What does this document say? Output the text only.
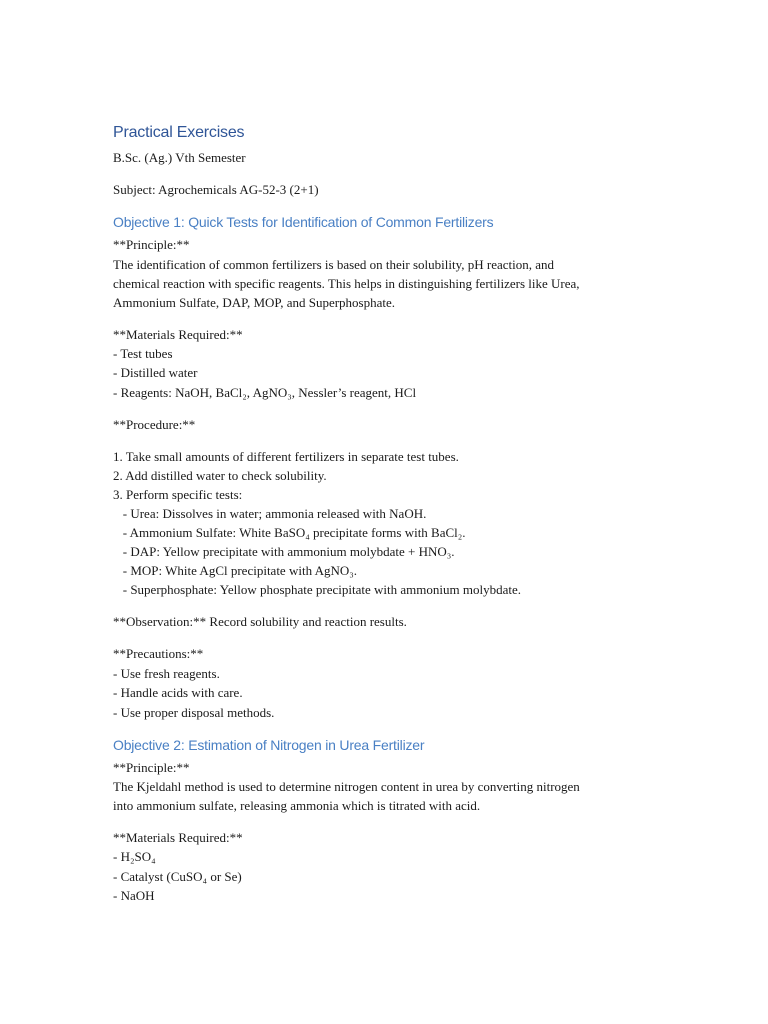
Practical Exercises

B.Sc. (Ag.) Vth Semester

Subject: Agrochemicals AG-52-3 (2+1)

Objective 1: Quick Tests for Identification of Common Fertilizers

**Principle:**

The identification of common fertilizers is based on their solubility, pH reaction, and

chemical reaction with specific reagents. This helps in distinguishing fertilizers like Urea,

Ammonium Sulfate, DAP, MOP, and Superphosphate.

**Materials Required:**

- Test tubes

- Distilled water

- Reagents: NaOH, BaCl₂, AgNO₃, Nessler’s reagent, HCl

**Procedure:**

1. Take small amounts of different fertilizers in separate test tubes.

2. Add distilled water to check solubility.

3. Perform specific tests:

- Urea: Dissolves in water; ammonia released with NaOH.

- Ammonium Sulfate: White BaSO₄ precipitate forms with BaCl₂.

- DAP: Yellow precipitate with ammonium molybdate + HNO₃.

- MOP: White AgCl precipitate with AgNO₃.

- Superphosphate: Yellow phosphate precipitate with ammonium molybdate.

**Observation:** Record solubility and reaction results.

**Precautions:**

- Use fresh reagents.

- Handle acids with care.

- Use proper disposal methods.

Objective 2: Estimation of Nitrogen in Urea Fertilizer

**Principle:**

The Kjeldahl method is used to determine nitrogen content in urea by converting nitrogen

into ammonium sulfate, releasing ammonia which is titrated with acid.

**Materials Required:**

- H₂SO₄

- Catalyst (CuSO₄ or Se)

- NaOH
